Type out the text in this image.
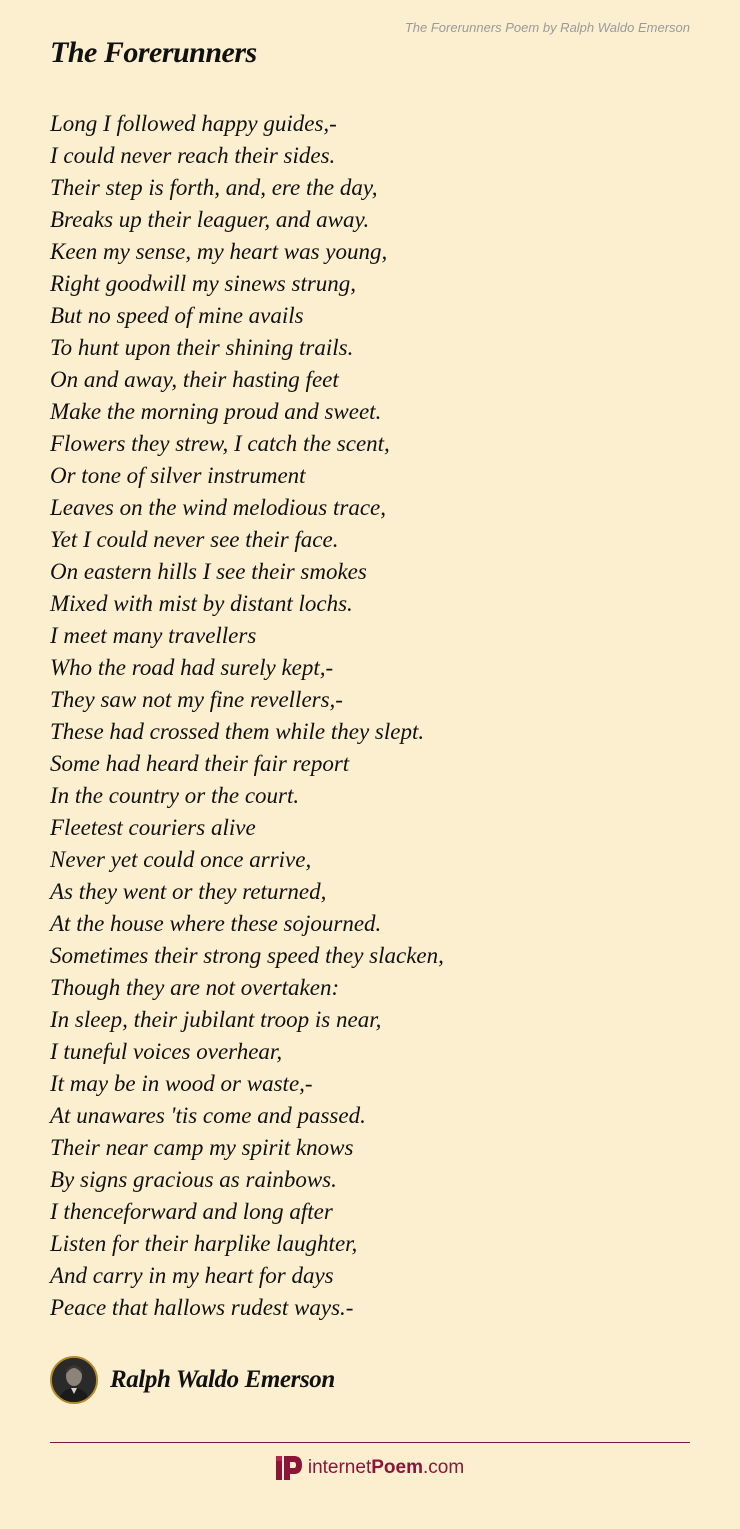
The Forerunners Poem by Ralph Waldo Emerson
The Forerunners
Long I followed happy guides,-
I could never reach their sides.
Their step is forth, and, ere the day,
Breaks up their leaguer, and away.
Keen my sense, my heart was young,
Right goodwill my sinews strung,
But no speed of mine avails
To hunt upon their shining trails.
On and away, their hasting feet
Make the morning proud and sweet.
Flowers they strew, I catch the scent,
Or tone of silver instrument
Leaves on the wind melodious trace,
Yet I could never see their face.
On eastern hills I see their smokes
Mixed with mist by distant lochs.
I meet many travellers
Who the road had surely kept,-
They saw not my fine revellers,-
These had crossed them while they slept.
Some had heard their fair report
In the country or the court.
Fleetest couriers alive
Never yet could once arrive,
As they went or they returned,
At the house where these sojourned.
Sometimes their strong speed they slacken,
Though they are not overtaken:
In sleep, their jubilant troop is near,
I tuneful voices overhear,
It may be in wood or waste,-
At unawares 'tis come and passed.
Their near camp my spirit knows
By signs gracious as rainbows.
I thenceforward and long after
Listen for their harplike laughter,
And carry in my heart for days
Peace that hallows rudest ways.-
Ralph Waldo Emerson
internetPoem.com
